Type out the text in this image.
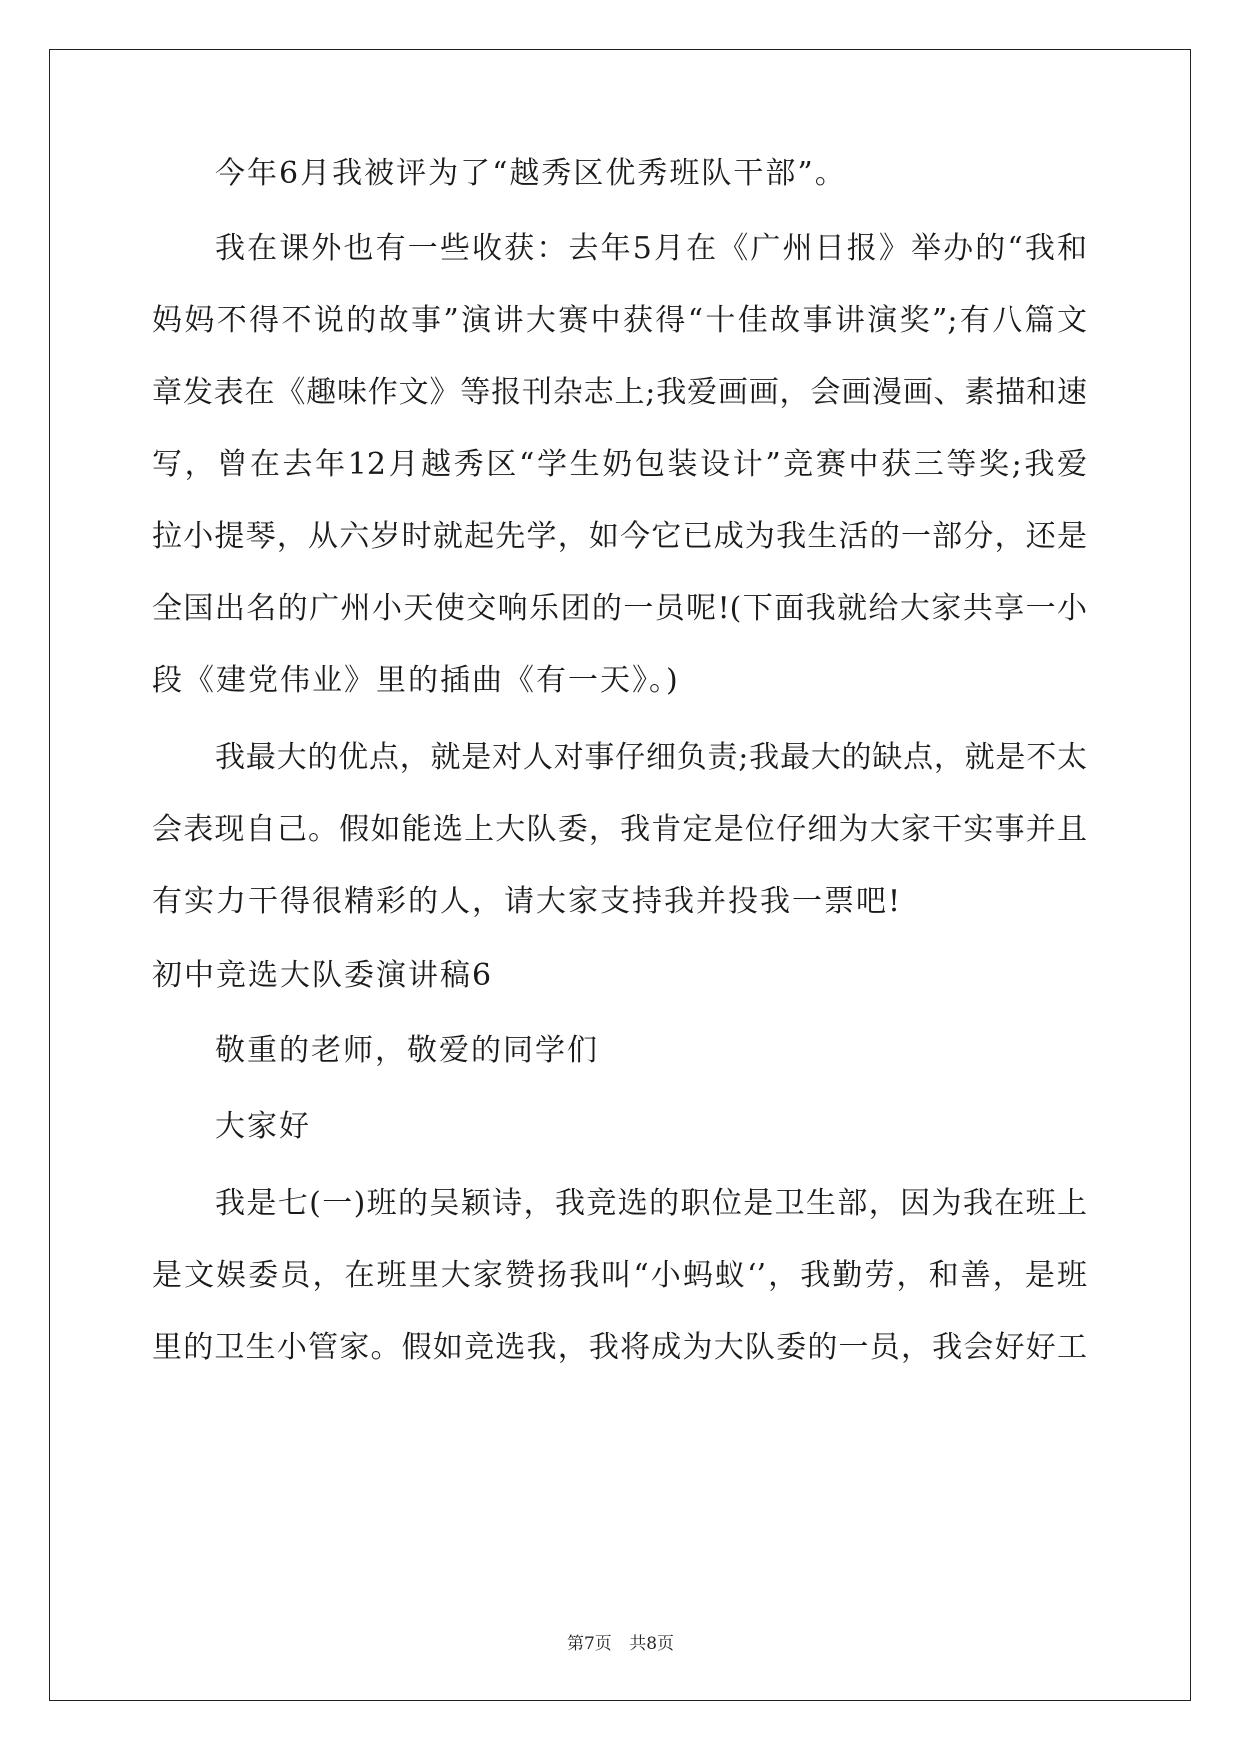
今年6月我被评为了“越秀区优秀班队干部”。
我在课外也有一些收获：去年5月在《广州日报》举办的“我和
妈妈不得不说的故事”演讲大赛中获得“十佳故事讲演奖”;有八篇文
章发表在《趣味作文》等报刊杂志上;我爱画画，会画漫画、素描和速
写，曾在去年12月越秀区“学生奶包装设计”竞赛中获三等奖;我爱
拉小提琴，从六岁时就起先学，如今它已成为我生活的一部分，还是
全国出名的广州小天使交响乐团的一员呢!(下面我就给大家共享一小
段《建党伟业》里的插曲《有一天》。)
我最大的优点，就是对人对事仔细负责;我最大的缺点，就是不太
会表现自己。假如能选上大队委，我肯定是位仔细为大家干实事并且
有实力干得很精彩的人，请大家支持我并投我一票吧!
初中竞选大队委演讲稿6
敬重的老师，敬爱的同学们
大家好
我是七(一)班的吴颖诗，我竞选的职位是卫生部，因为我在班上
是文娱委员，在班里大家赞扬我叫“小蚂蚁‘’，我勤劳，和善，是班
里的卫生小管家。假如竞选我，我将成为大队委的一员，我会好好工
第7页 共8页
